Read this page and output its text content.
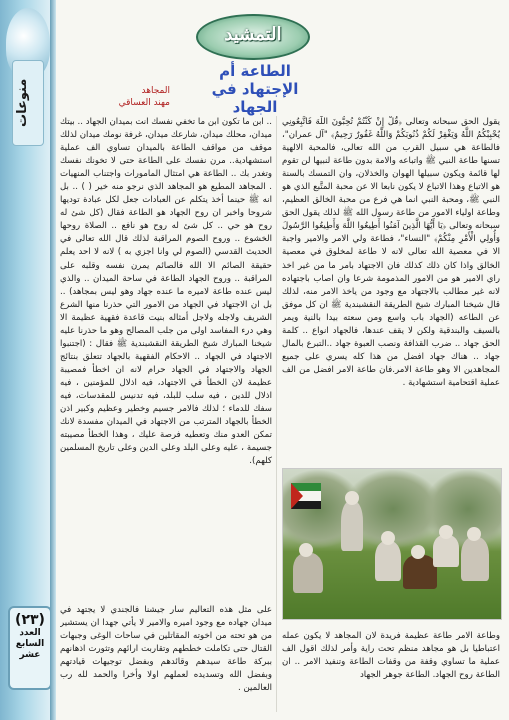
منوعات
(٢٣)
العدد السابع عشر
التمشيد
الطاعة أم الإجتهاد في الجهاد
المجاهد
مهند العساقي
يقول الحق سبحانه وتعالى ﴿قُلْ إِنْ كُنْتُمْ تُحِبُّونَ اللَّهَ فَاتَّبِعُونِي يُحْبِبْكُمُ اللَّهُ وَيَغْفِرْ لَكُمْ ذُنُوبَكُمْ وَاللَّهُ غَفُورٌ رَحِيمٌ﴾ "آل عمران"، فالطاعة هي سبيل القرب من الله تعالى، فالمحبة الالهية تسنها طاعة النبي ﷺ واتباعه والامة بدون طاعة لنبيها لن تقوم لها قائمة ويكون سبيلها الهوان والخذلان، وان التمسك بالسنة هو الاتباع وهذا الاتباع لا يكون نابعا الا عن محبة المتَّبع الذي هو النبي ﷺ، ومحبة النبي انما هي فرع من محبة الخالق العظيم، وطاعة اولياء الامور من طاعة رسول الله ﷺ لذلك يقول الحق سبحانه وتعالى ﴿يَا أَيُّهَا الَّذِينَ آمَنُوا أَطِيعُوا اللَّهَ وَأَطِيعُوا الرَّسُولَ وَأُولِي الْأَمْرِ مِنْكُمْ﴾ "النساء"، فطاعة ولي الامر والامير واجبة الا في معصية الله تعالى لانه لا طاعة لمخلوق في معصية الخالق واذا كان ذلك كذلك فان الاجتهاد بامر ما من غير اخذ راي الامير هو من الامور المذمومة شرعا وان اصاب باجتهاده لانه غير مطالب بالاجتهاد مع وجود من ياخذ الامر منه، لذلك قال شيخنا المبارك شيخ الطريقة النقشبندية ﷺ ان كل موفق عن الطاعه (الجهاد باب واسع ومن سعته بيدا بالنية ويمر بالسيف والبندقية ولكن لا يقف عندها، فالجهاد انواع .. كلمة الحق جهاد .. ضرب القذافة ونصب العبوة جهاد ..التبرع بالمال جهاد .. هناك جهاد افضل من هذا كله يسري على جميع المجاهدين الا وهو طاعة الامر.فان طاعة الامر افضل من الف عملية اقتحامية استشهادية .
وطاعة الامر طاعة عظيمة فريدة لان المجاهد لا يكون عمله اعتباطيا بل هو مجاهد منظم تحت راية وأمر لذلك اقول الف عملية ما تساوي وقفة من وقفات الطاعة وتنفيذ الامر .. ان الطاعة روح الجهاد. الطاعة جوهر الجهاد
.. ابن ما تكون ابن ما تخفي نفسك انت بميدان الجهاد .. بيتك ميدان، محلك ميدان، شارعك ميدان، غرفة نومك ميدان لذلك موقف من مواقف الطاعة بالميدان تساوي الف عملية استشهادية.. مرن نفسك على الطاعة حتى لا تخونك نفسك وتغدر بك .. الطاعة هي امتثال المامورات واجتناب المنهيات . المجاهد المطيع هو المجاهد الذي نرجو منه خير ( ) .. بل انه ﷺ حينما أخذ يتكلم عن العبادات جعل لكل عبادة توديها شروحا واخبر ان روح الجهاد هو الطاعة فقال (كل شئ له روح هو حي .. كل شئ له روح هو نافع .. الصلاة روحها الخشوع .. وروح الصوم المراقبة لذلك قال الله تعالى في الحديث القدسي (الصوم لي وانا اجزي به ) لانه لا احد يعلم حقيقة الصائم الا الله فالصائم يمرن نفسه وقلبه على المراقبة .. وروح الجهاد الطاعة في ساحة الميدان .. والذي ليس عنده طاعة لاميره ما عنده جهاد وهو ليس بمجاهد) .. بل ان الاجتهاد في الجهاد من الامور التي حذرنا منها الشرع الشريف ولاجله ولاجل أمثاله بنيت قاعدة فقهية عظيمة الا وهي درء المفاسد اولى من جلب المصالح وهو ما حذرنا عليه شيخنا المبارك شيخ الطريقة النقشبندية ﷺ فقال : (اجتنبوا الاجتهاد في الجهاد .. الاحكام الفقهية بالجهاد تتعلق بنتائج الجهاد والاجتهاد في الجهاد حرام لانه ان اخطأ فمصيبة عظيمة لان الخطأ في الاجتهاد، فيه اذلال للمؤمنين ، فيه اذلال للدين ، فيه سلب للبلد، فيه تدنيس للمقدسات، فيه سفك للدماء ؛ لذلك فالامر جسيم وخطير وعظيم وكبير اذن الخطأ بالجهاد المترتب من الاجتهاد في الميدان مفسدة لانك تمكن العدو منك وتعطيه فرصة عليك ، وهذا الخطأ مصيبته جسيمة ، عليه وعلى البلد وعلى الدين وعلى تاريخ المسلمين كلهم).
على مثل هذه التعاليم سار جيشنا فالجندي لا يجتهد في ميدان جهاده مع وجود اميره والامير لا يأتي جهدا ان يستشير من هو تحته من اخوته المقاتلين في ساحات الوغى وجبهات القتال حتى تكاملت خططهم وتقاربت ارائهم وتثورت اذهانهم ببركة طاعة سيدهم وقائدهم وبفضل توجيهات قيادتهم وبفضل الله وتسديده لعملهم اولا وأخرا والحمد لله رب العالمين .
